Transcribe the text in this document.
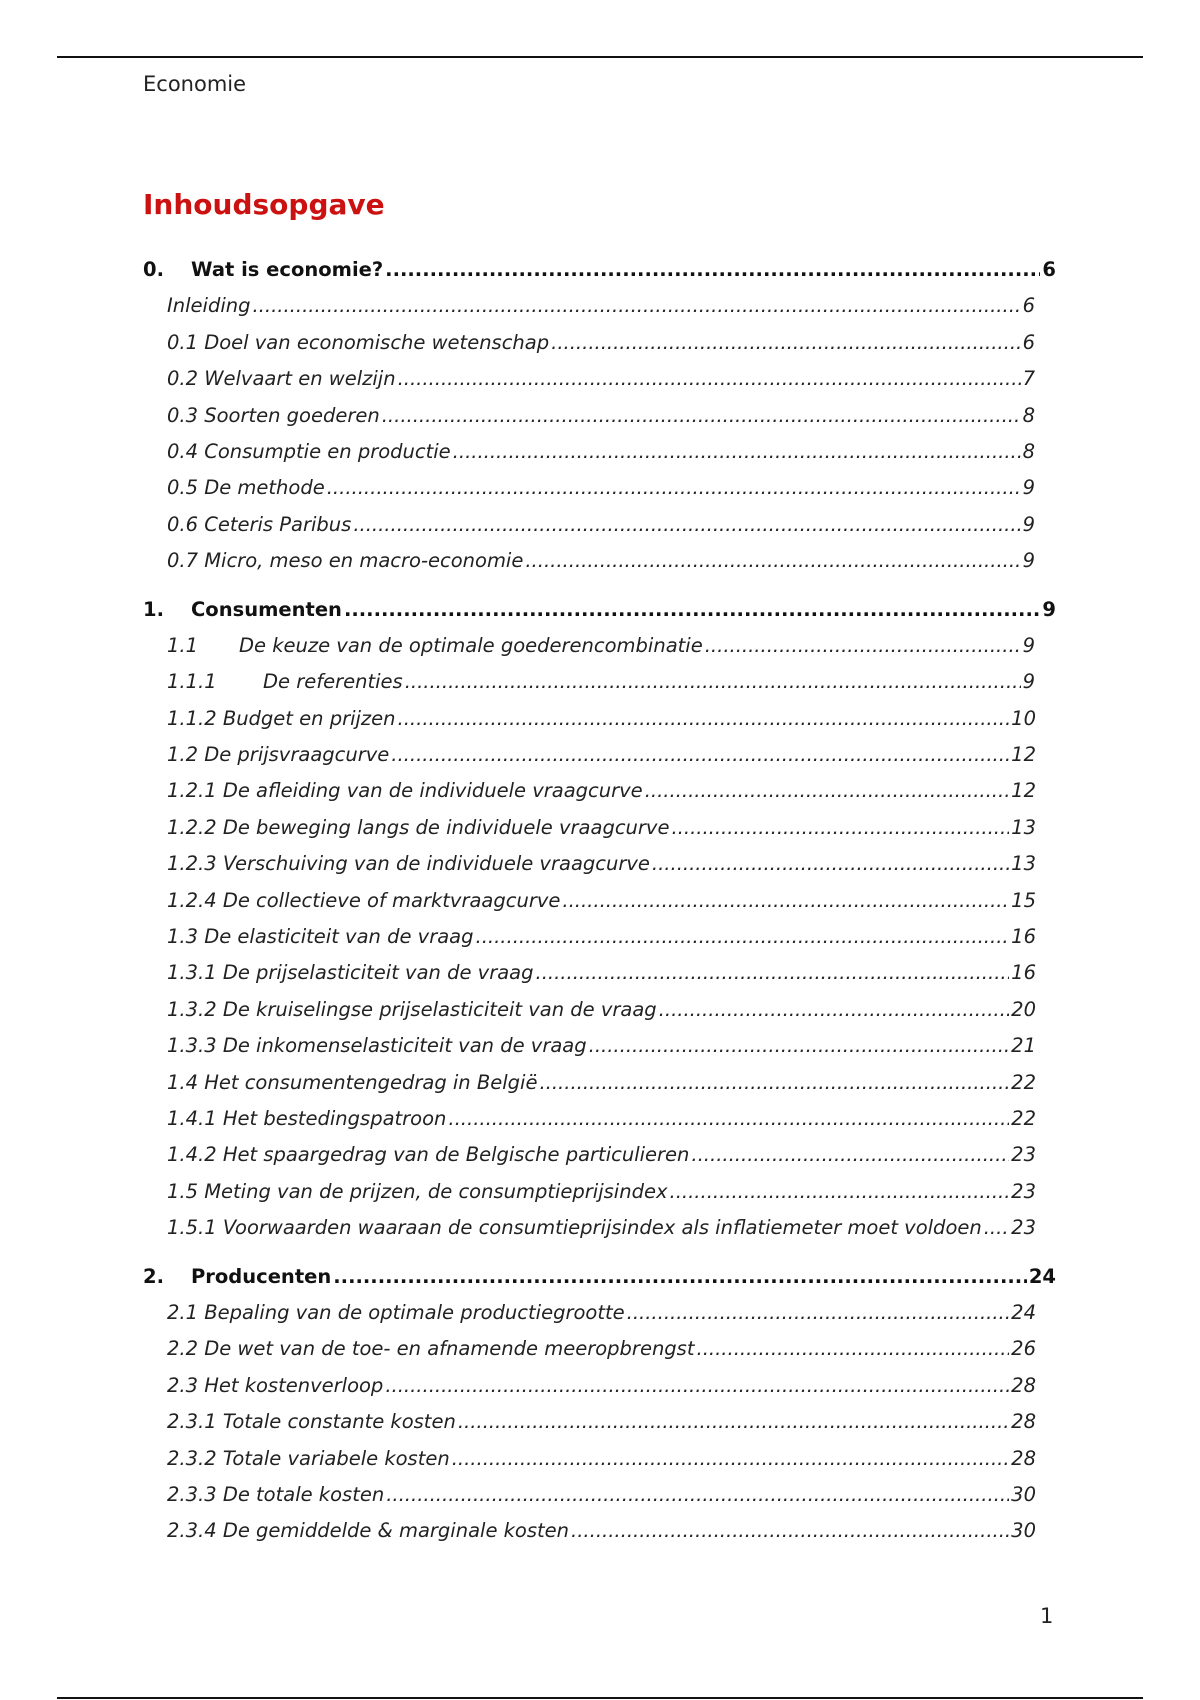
Economie
Inhoudsopgave
0. Wat is economie? .....	6
Inleiding .....	6
0.1 Doel van economische wetenschap .....	6
0.2 Welvaart en welzijn .....	7
0.3 Soorten goederen .....	8
0.4 Consumptie en productie .....	8
0.5 De methode .....	9
0.6 Ceteris Paribus .....	9
0.7 Micro, meso en macro-economie .....	9
1. Consumenten .....	9
1.1 De keuze van de optimale goederencombinatie .....	9
1.1.1 De referenties .....	9
1.1.2 Budget en prijzen .....	10
1.2 De prijsvraagcurve .....	12
1.2.1 De afleiding van de individuele vraagcurve .....	12
1.2.2 De beweging langs de individuele vraagcurve .....	13
1.2.3 Verschuiving van de individuele vraagcurve .....	13
1.2.4 De collectieve of marktvraagcurve .....	15
1.3 De elasticiteit van de vraag .....	16
1.3.1 De prijselasticiteit van de vraag .....	16
1.3.2 De kruiselingse prijselasticiteit van de vraag .....	20
1.3.3 De inkomenselasticiteit van de vraag .....	21
1.4 Het consumentengedrag in België .....	22
1.4.1 Het bestedingspatroon .....	22
1.4.2 Het spaargedrag van de Belgische particulieren .....	23
1.5 Meting van de prijzen, de consumptieprijsindex .....	23
1.5.1 Voorwaarden waaraan de consumtieprijsindex als inflatiemeter moet voldoen ..... 23
2. Producenten .....	24
2.1 Bepaling van de optimale productiegrootte .....	24
2.2 De wet van de toe- en afnamende meeropbrengst .....	26
2.3 Het kostenverloop .....	28
2.3.1 Totale constante kosten .....	28
2.3.2 Totale variabele kosten .....	28
2.3.3 De totale kosten .....	30
2.3.4 De gemiddelde & marginale kosten .....	30
1
